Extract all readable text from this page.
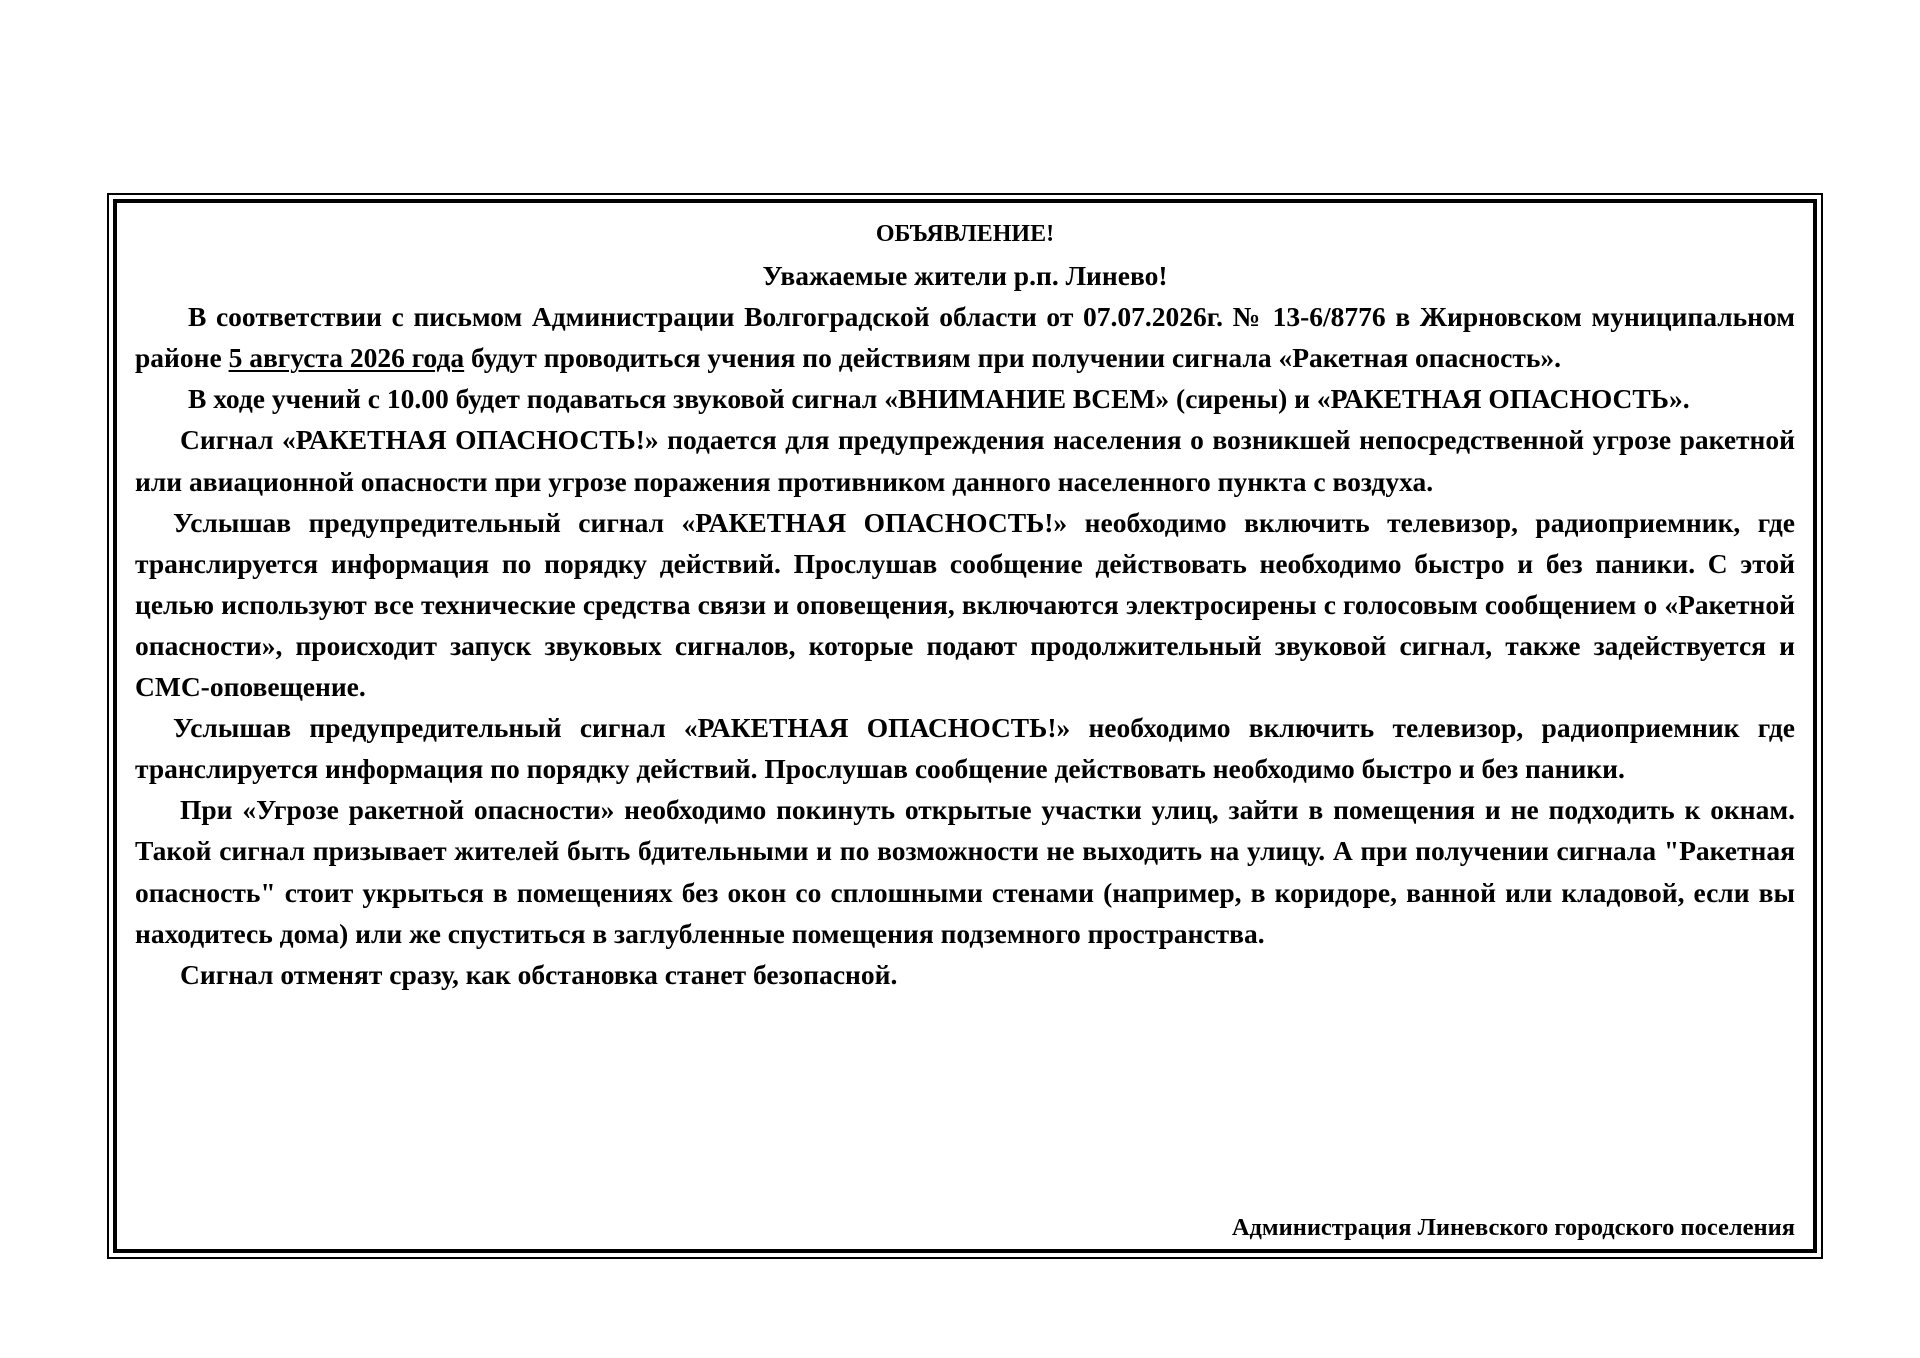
ОБЪЯВЛЕНИЕ!

Уважаемые жители р.п. Линево!

В соответствии с письмом Администрации Волгоградской области от 07.07.2026г. № 13-6/8776 в Жирновском муниципальном районе 5 августа 2026 года будут проводиться учения по действиям при получении сигнала «Ракетная опасность».

В ходе учений с 10.00 будет подаваться звуковой сигнал «ВНИМАНИЕ ВСЕМ» (сирены) и «РАКЕТНАЯ ОПАСНОСТЬ».

Сигнал «РАКЕТНАЯ ОПАСНОСТЬ!» подается для предупреждения населения о возникшей непосредственной угрозе ракетной или авиационной опасности при угрозе поражения противником данного населенного пункта с воздуха.

Услышав предупредительный сигнал «РАКЕТНАЯ ОПАСНОСТЬ!» необходимо включить телевизор, радиоприемник, где транслируется информация по порядку действий. Прослушав сообщение действовать необходимо быстро и без паники. С этой целью используют все технические средства связи и оповещения, включаются электросирены с голосовым сообщением о «Ракетной опасности», происходит запуск звуковых сигналов, которые подают продолжительный звуковой сигнал, также задействуется и СМС-оповещение.

Услышав предупредительный сигнал «РАКЕТНАЯ ОПАСНОСТЬ!» необходимо включить телевизор, радиоприемник где транслируется информация по порядку действий. Прослушав сообщение действовать необходимо быстро и без паники.

При «Угрозе ракетной опасности» необходимо покинуть открытые участки улиц, зайти в помещения и не подходить к окнам. Такой сигнал призывает жителей быть бдительными и по возможности не выходить на улицу. А при получении сигнала "Ракетная опасность" стоит укрыться в помещениях без окон со сплошными стенами (например, в коридоре, ванной или кладовой, если вы находитесь дома) или же спуститься в заглубленные помещения подземного пространства.

Сигнал отменят сразу, как обстановка станет безопасной.

Администрация Линевского городского поселения
